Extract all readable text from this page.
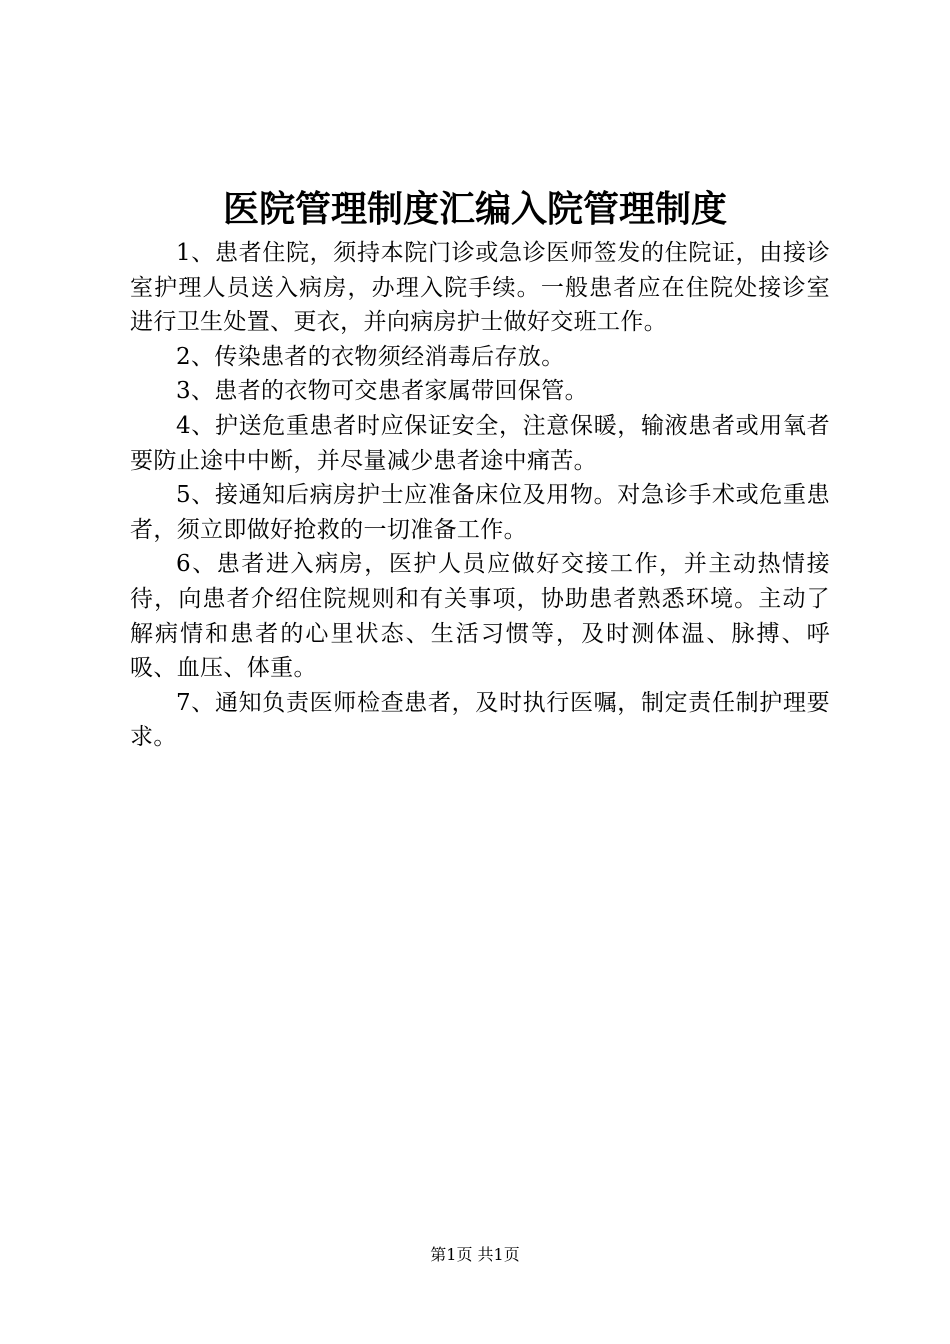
医院管理制度汇编入院管理制度

1、患者住院，须持本院门诊或急诊医师签发的住院证，由接诊室护理人员送入病房，办理入院手续。一般患者应在住院处接诊室进行卫生处置、更衣，并向病房护士做好交班工作。

2、传染患者的衣物须经消毒后存放。

3、患者的衣物可交患者家属带回保管。

4、护送危重患者时应保证安全，注意保暖，输液患者或用氧者要防止途中中断，并尽量减少患者途中痛苦。

5、接通知后病房护士应准备床位及用物。对急诊手术或危重患者，须立即做好抢救的一切准备工作。

6、患者进入病房，医护人员应做好交接工作，并主动热情接待，向患者介绍住院规则和有关事项，协助患者熟悉环境。主动了解病情和患者的心里状态、生活习惯等，及时测体温、脉搏、呼吸、血压、体重。

7、通知负责医师检查患者，及时执行医嘱，制定责任制护理要求。

第1页 共1页
